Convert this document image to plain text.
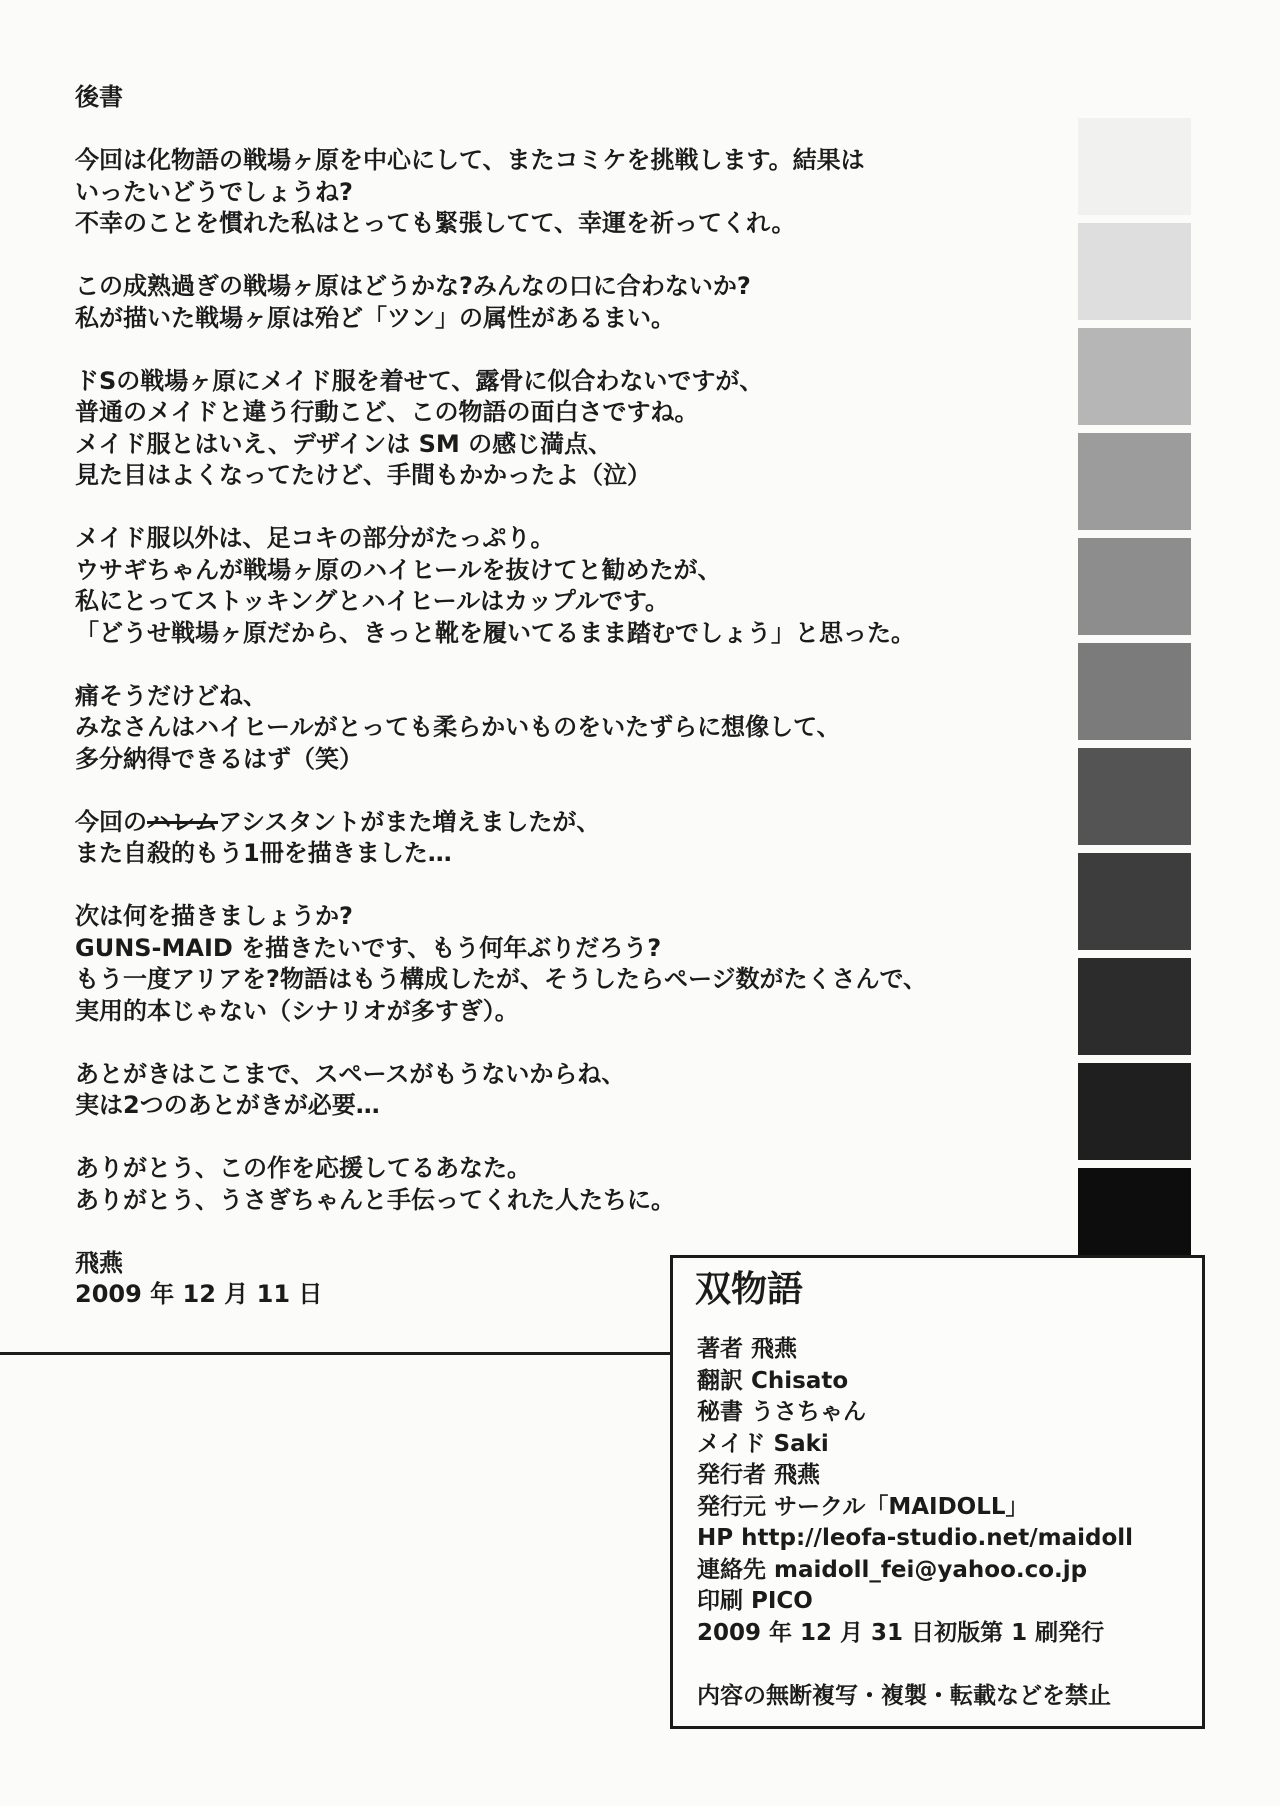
後書
今回は化物語の戦場ヶ原を中心にして、またコミケを挑戦します。結果は
いったいどうでしょうね?
不幸のことを慣れた私はとっても緊張してて、幸運を祈ってくれ。
この成熟過ぎの戦場ヶ原はどうかな?みんなの口に合わないか?
私が描いた戦場ヶ原は殆ど「ツン」の属性があるまい。
ドSの戦場ヶ原にメイド服を着せて、露骨に似合わないですが、
普通のメイドと違う行動こど、この物語の面白さですね。
メイド服とはいえ、デザインは SM の感じ満点、
見た目はよくなってたけど、手間もかかったよ（泣）
メイド服以外は、足コキの部分がたっぷり。
ウサギちゃんが戦場ヶ原のハイヒールを抜けてと勧めたが、
私にとってストッキングとハイヒールはカップルです。
「どうせ戦場ヶ原だから、きっと靴を履いてるまま踏むでしょう」と思った。
痛そうだけどね、
みなさんはハイヒールがとっても柔らかいものをいたずらに想像して、
多分納得できるはず（笑）
今回のハレムアシスタントがまた増えましたが、
また自殺的もう1冊を描きました…
次は何を描きましょうか?
GUNS-MAID を描きたいです、もう何年ぶりだろう?
もう一度アリアを?物語はもう構成したが、そうしたらページ数がたくさんで、
実用的本じゃない（シナリオが多すぎ）。
あとがきはここまで、スペースがもうないからね、
実は2つのあとがきが必要…
ありがとう、この作を応援してるあなた。
ありがとう、うさぎちゃんと手伝ってくれた人たちに。
飛燕
2009 年 12 月 11 日	双物語
著者 飛燕
翻訳 Chisato
秘書 うさちゃん
メイド Saki
発行者 飛燕
発行元 サークル「MAIDOLL」
HP http://leofa-studio.net/maidoll
連絡先 maidoll_fei@yahoo.co.jp
印刷 PICO
2009 年 12 月 31 日初版第 1 刷発行
内容の無断複写・複製・転載などを禁止
